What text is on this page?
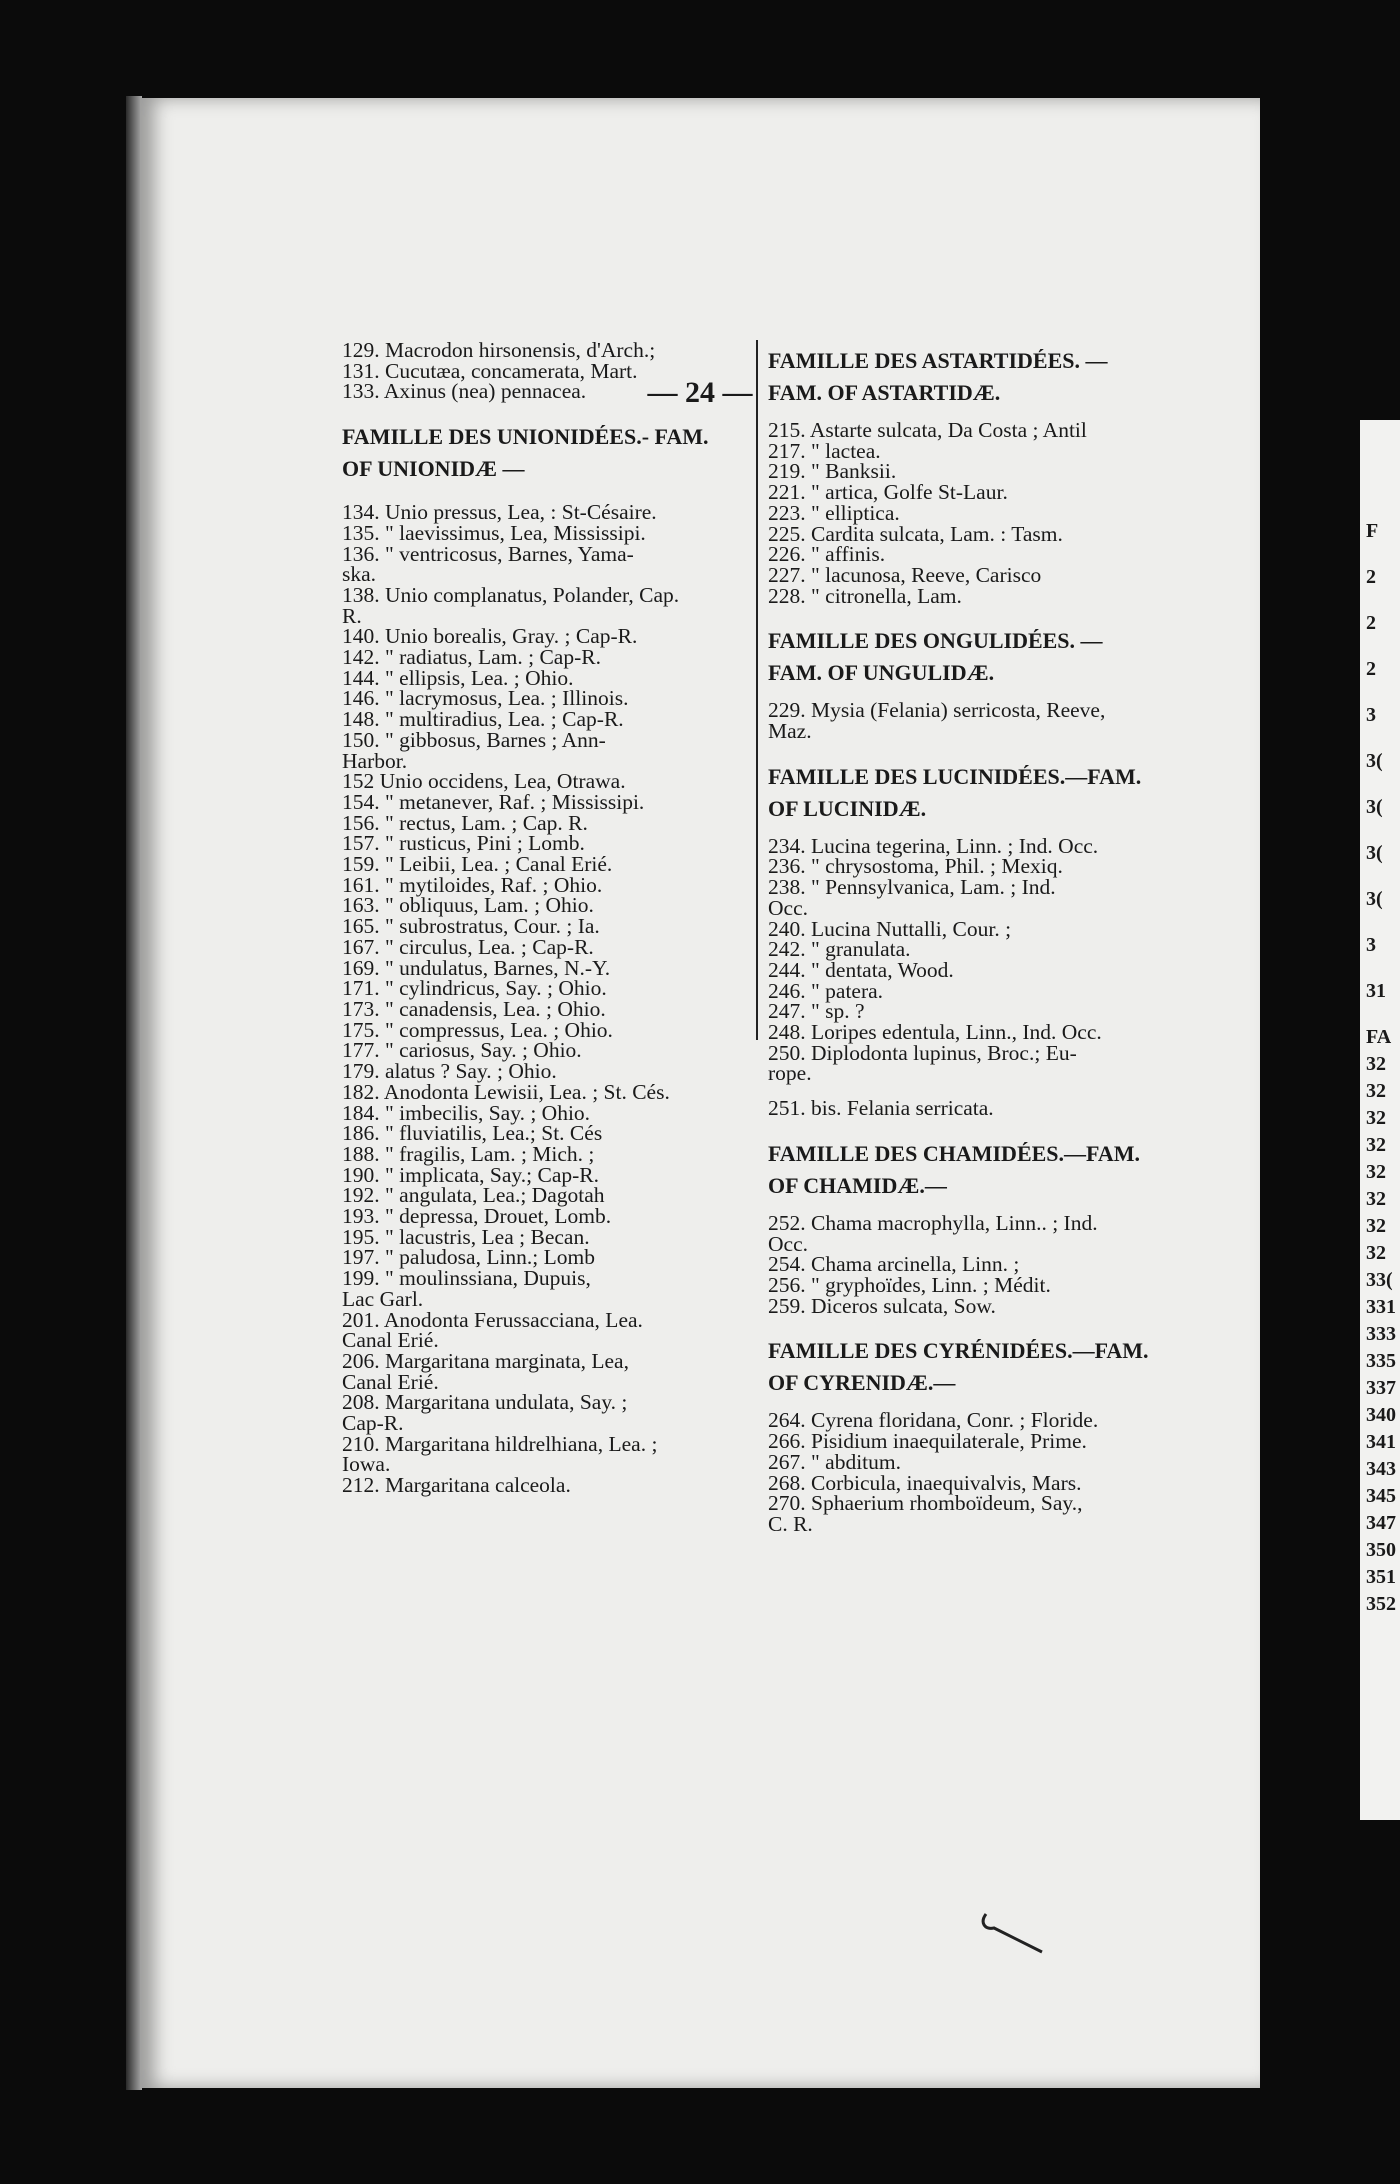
— 24 —
F
2
2
2
3
3(
3(
3(
3(
3
31
FA
32
32
32
32
32
32
32
32
33(
331
333
335
337
340
341
343
345
347
350
351
352
129. Macrodon hirsonensis, d'Arch.;
131. Cucutæa, concamerata, Mart.
133. Axinus (nea) pennacea.
FAMILLE DES UNIONIDÉES.- FAM.
OF UNIONIDÆ —
134. Unio pressus, Lea, : St-Césaire.
135. " laevissimus, Lea, Mississipi.
136. " ventricosus, Barnes, Yama-
ska.
138. Unio complanatus, Polander, Cap.
R.
140. Unio borealis, Gray. ; Cap-R.
142. " radiatus, Lam. ; Cap-R.
144. " ellipsis, Lea. ; Ohio.
146. " lacrymosus, Lea. ; Illinois.
148. " multiradius, Lea. ; Cap-R.
150. " gibbosus, Barnes ; Ann-
Harbor.
152 Unio occidens, Lea, Otrawa.
154. " metanever, Raf. ; Mississipi.
156. " rectus, Lam. ; Cap. R.
157. " rusticus, Pini ; Lomb.
159. " Leibii, Lea. ; Canal Erié.
161. " mytiloides, Raf. ; Ohio.
163. " obliquus, Lam. ; Ohio.
165. " subrostratus, Cour. ; Ia.
167. " circulus, Lea. ; Cap-R.
169. " undulatus, Barnes, N.-Y.
171. " cylindricus, Say. ; Ohio.
173. " canadensis, Lea. ; Ohio.
175. " compressus, Lea. ; Ohio.
177. " cariosus, Say. ; Ohio.
179. alatus ? Say. ; Ohio.
182. Anodonta Lewisii, Lea. ; St. Cés.
184. " imbecilis, Say. ; Ohio.
186. " fluviatilis, Lea.; St. Cés
188. " fragilis, Lam. ; Mich. ;
190. " implicata, Say.; Cap-R.
192. " angulata, Lea.; Dagotah
193. " depressa, Drouet, Lomb.
195. " lacustris, Lea ; Becan.
197. " paludosa, Linn.; Lomb
199. " moulinssiana, Dupuis,
Lac Garl.
201. Anodonta Ferussacciana, Lea.
Canal Erié.
206. Margaritana marginata, Lea,
Canal Erié.
208. Margaritana undulata, Say. ;
Cap-R.
210. Margaritana hildrelhiana, Lea. ;
Iowa.
212. Margaritana calceola.
FAMILLE DES ASTARTIDÉES. —
FAM. OF ASTARTIDÆ.
215. Astarte sulcata, Da Costa ; Antil
217. " lactea.
219. " Banksii.
221. " artica, Golfe St-Laur.
223. " elliptica.
225. Cardita sulcata, Lam. : Tasm.
226. " affinis.
227. " lacunosa, Reeve, Carisco
228. " citronella, Lam.
FAMILLE DES ONGULIDÉES. —
FAM. OF UNGULIDÆ.
229. Mysia (Felania) serricosta, Reeve,
Maz.
FAMILLE DES LUCINIDÉES.—FAM.
OF LUCINIDÆ.
234. Lucina tegerina, Linn. ; Ind. Occ.
236. " chrysostoma, Phil. ; Mexiq.
238. " Pennsylvanica, Lam. ; Ind.
Occ.
240. Lucina Nuttalli, Cour. ;
242. " granulata.
244. " dentata, Wood.
246. " patera.
247. " sp. ?
248. Loripes edentula, Linn., Ind. Occ.
250. Diplodonta lupinus, Broc.; Eu-
rope.
251. bis. Felania serricata.
FAMILLE DES CHAMIDÉES.—FAM.
OF CHAMIDÆ.—
252. Chama macrophylla, Linn.. ; Ind.
Occ.
254. Chama arcinella, Linn. ;
256. " gryphoïdes, Linn. ; Médit.
259. Diceros sulcata, Sow.
FAMILLE DES CYRÉNIDÉES.—FAM.
OF CYRENIDÆ.—
264. Cyrena floridana, Conr. ; Floride.
266. Pisidium inaequilaterale, Prime.
267. " abditum.
268. Corbicula, inaequivalvis, Mars.
270. Sphaerium rhomboïdeum, Say.,
C. R.
